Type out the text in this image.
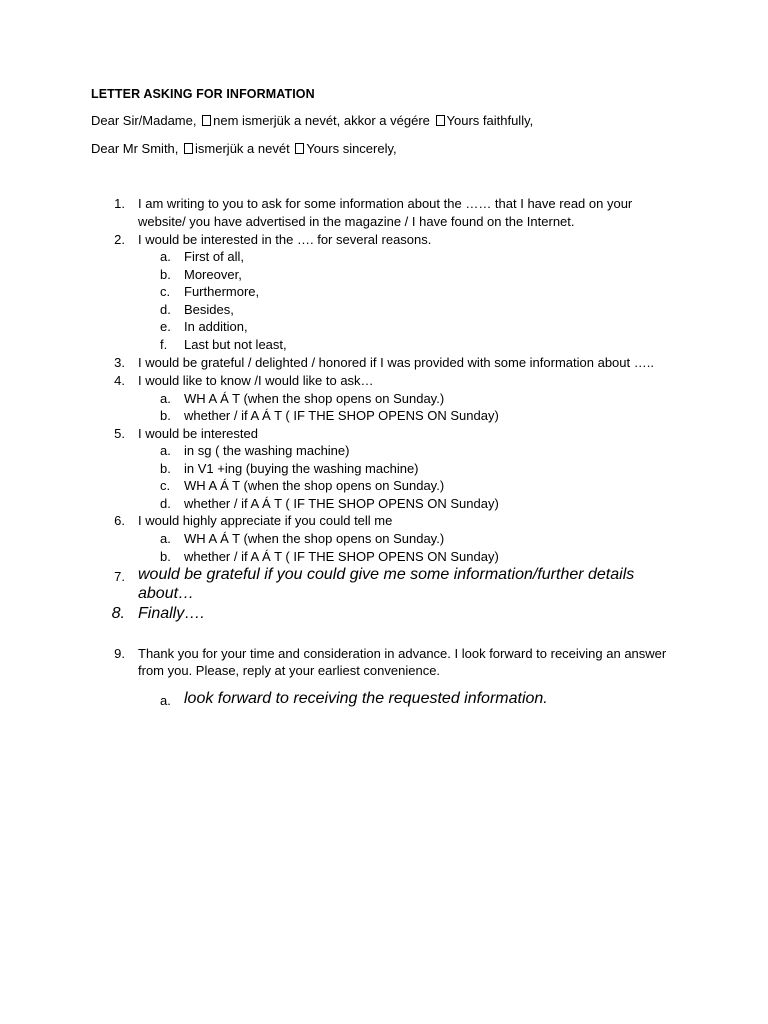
LETTER ASKING FOR INFORMATION
Dear Sir/Madame, nem ismerjük a nevét, akkor a végére Yours faithfully,
Dear Mr Smith, ismerjük a nevét Yours sincerely,
1. I am writing to you to ask for some information about the …… that I have read on your
website/ you have advertised in the magazine / I have found on the Internet.
2. I would be interested in the …. for several reasons.
a. First of all,
b. Moreover,
c. Furthermore,
d. Besides,
e. In addition,
f. Last but not least,
3. I would be grateful / delighted / honored if I was provided with some information about …..
4. I would like to know /I would like to ask…
a. WH A Á T (when the shop opens on Sunday.)
b. whether / if A Á T ( IF THE SHOP OPENS ON Sunday)
5. I would be interested
a. in sg ( the washing machine)
b. in V1 +ing (buying the washing machine)
c. WH A Á T (when the shop opens on Sunday.)
d. whether / if A Á T ( IF THE SHOP OPENS ON Sunday)
6. I would highly appreciate if you could tell me
a. WH A Á T (when the shop opens on Sunday.)
b. whether / if A Á T ( IF THE SHOP OPENS ON Sunday)
7. would be grateful if you could give me some information/further details
about…
8. Finally….
9. Thank you for your time and consideration in advance. I look forward to receiving an answer
from you. Please, reply at your earliest convenience.
a. look forward to receiving the requested information.
